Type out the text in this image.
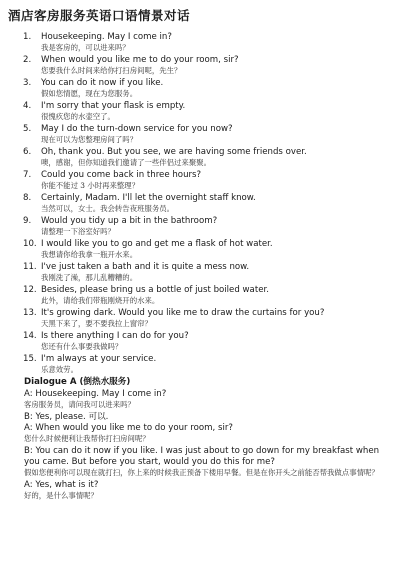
酒店客房服务英语口语情景对话
1.	Housekeeping. May I come in?
我是客房的，可以进来吗？
2.	When would you like me to do your room, sir?
您要我什么时间来给你打扫房间呢，先生？
3.	You can do it now if you like.
假如您情愿，现在为您服务。
4.	I'm sorry that your flask is empty.
很愧疚您的水壶空了。
5.	May I do the turn-down service for you now?
现在可以为您整理房间了吗？
6.	Oh, thank you. But you see, we are having some friends over.
噢，感谢，但你知道我们邀请了一些伴侣过来聚聚。
7.	Could you come back in three hours?
你能不能过 3 小时再来整理？
8.	Certainly, Madam. I'll let the overnight staff know.
当然可以，女士。我会转告夜班服务员。
9.	Would you tidy up a bit in the bathroom?
请整理一下浴室好吗？
10. I would like you to go and get me a flask of hot water.
我想请你给我拿一瓶开水来。
11. I've just taken a bath and it is quite a mess now.
我刚洗了澡，那儿乱糟糟的。
12. Besides, please bring us a bottle of just boiled water.
此外，请给我们带瓶刚烧开的水来。
13. It's growing dark. Would you like me to draw the curtains for you?
天黑下来了，要不要我拉上窗帘？
14. Is there anything I can do for you?
您还有什么事要我做吗？
15. I'm always at your service.
乐意效劳。
Dialogue A (倒热水服务)
A: Housekeeping. May I come in?
客房服务员，请问我可以进来吗？
B: Yes, please. 可以.
A: When would you like me to do your room, sir?
您什么时候便利让我帮你打扫房间呢？
B: You can do it now if you like. I was just about to go down for my breakfast when you came. But before you start, would you do this for me?
假如您便利你可以现在就打扫，你上来的时候我正预备下楼用早餐。但是在你开头之前能否帮我做点事情呢？
A: Yes, what is it?
好的，是什么事情呢？
